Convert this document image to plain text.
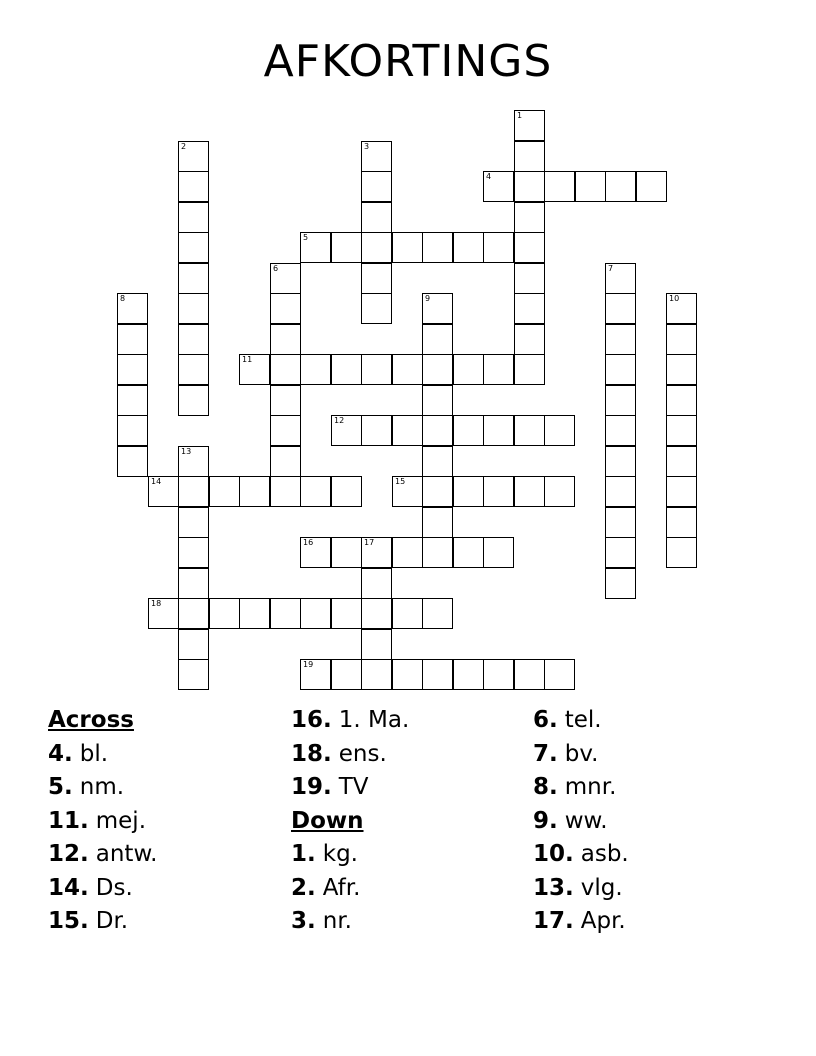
AFKORTINGS
4
5
11
12
14	15
16	17
18
19
1
2	3
6	7
8	9	10
13
Across
4. bl.
5. nm.
11. mej.
12. antw.
14. Ds.
15. Dr.
16. 1. Ma.
18. ens.
19. TV
Down
1. kg.
2. Afr.
3. nr.
6. tel.
7. bv.
8. mnr.
9. ww.
10. asb.
13. vlg.
17. Apr.
